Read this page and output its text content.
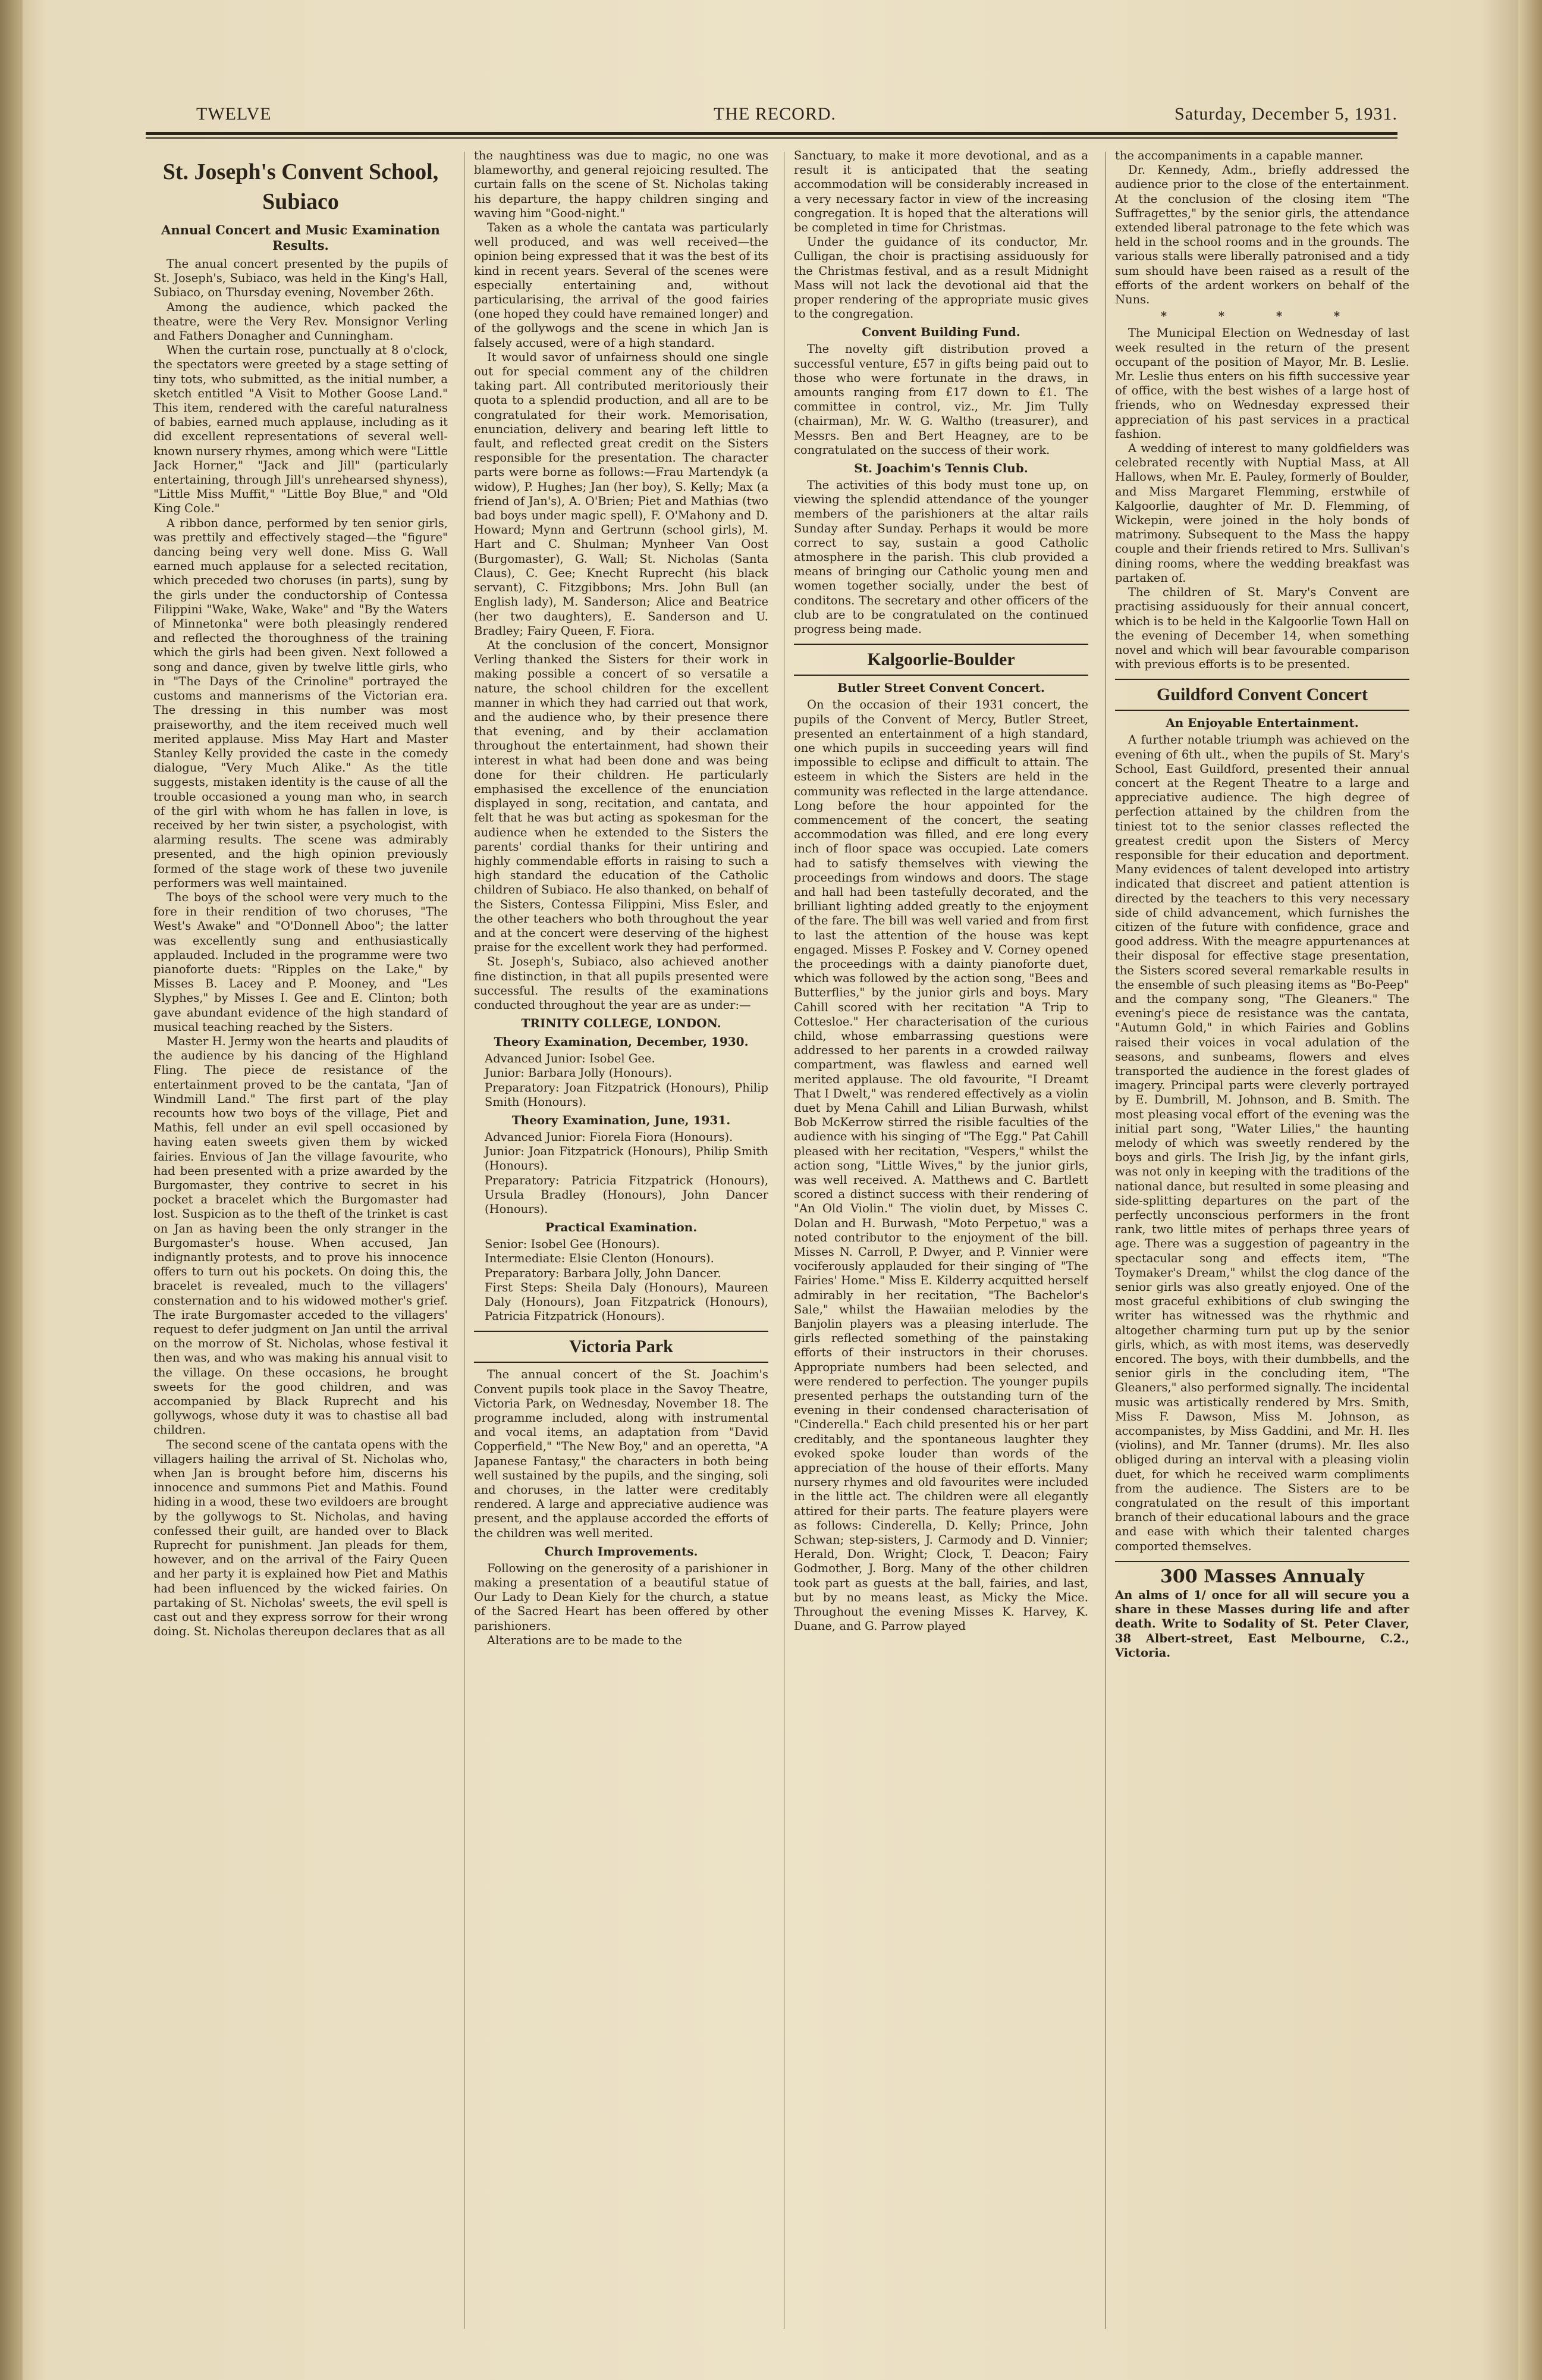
TWELVE	THE RECORD.	Saturday, December 5, 1931.
St. Joseph's Convent School, Subiaco
Annual Concert and Music Examination Results.

The anual concert presented by the pupils of St. Joseph's, Subiaco, was held in the King's Hall, Subiaco, on Thursday evening, November 26th.

Among the audience, which packed the theatre, were the Very Rev. Monsignor Verling and Fathers Donagher and Cunningham.

When the curtain rose, punctually at 8 o'clock, the spectators were greeted by a stage setting of tiny tots, who submitted, as the initial number, a sketch entitled "A Visit to Mother Goose Land." This item, rendered with the careful naturalness of babies, earned much applause, including as it did excellent representations of several well-known nursery rhymes, among which were "Little Jack Horner," "Jack and Jill" (particularly entertaining, through Jill's unrehearsed shyness), "Little Miss Muffit," "Little Boy Blue," and "Old King Cole."

A ribbon dance, performed by ten senior girls, was prettily and effectively staged—the "figure" dancing being very well done. Miss G. Wall earned much applause for a selected recitation, which preceded two choruses (in parts), sung by the girls under the conductorship of Contessa Filippini "Wake, Wake, Wake" and "By the Waters of Minnetonka" were both pleasingly rendered and reflected the thoroughness of the training which the girls had been given. Next followed a song and dance, given by twelve little girls, who in "The Days of the Crinoline" portrayed the customs and mannerisms of the Victorian era. The dressing in this number was most praiseworthy, and the item received much well merited applause. Miss May Hart and Master Stanley Kelly provided the caste in the comedy dialogue, "Very Much Alike." As the title suggests, mistaken identity is the cause of all the trouble occasioned a young man who, in search of the girl with whom he has fallen in love, is received by her twin sister, a psychologist, with alarming results. The scene was admirably presented, and the high opinion previously formed of the stage work of these two juvenile performers was well maintained.

The boys of the school were very much to the fore in their rendition of two choruses, "The West's Awake" and "O'Donnell Aboo"; the latter was excellently sung and enthusiastically applauded. Included in the programme were two pianoforte duets: "Ripples on the Lake," by Misses B. Lacey and P. Mooney, and "Les Slyphes," by Misses I. Gee and E. Clinton; both gave abundant evidence of the high standard of musical teaching reached by the Sisters.

Master H. Jermy won the hearts and plaudits of the audience by his dancing of the Highland Fling. The piece de resistance of the entertainment proved to be the cantata, "Jan of Windmill Land." The first part of the play recounts how two boys of the village, Piet and Mathis, fell under an evil spell occasioned by having eaten sweets given them by wicked fairies. Envious of Jan the village favourite, who had been presented with a prize awarded by the Burgomaster, they contrive to secret in his pocket a bracelet which the Burgomaster had lost. Suspicion as to the theft of the trinket is cast on Jan as having been the only stranger in the Burgomaster's house. When accused, Jan indignantly protests, and to prove his innocence offers to turn out his pockets. On doing this, the bracelet is revealed, much to the villagers' consternation and to his widowed mother's grief. The irate Burgomaster acceded to the villagers' request to defer judgment on Jan until the arrival on the morrow of St. Nicholas, whose festival it then was, and who was making his annual visit to the village. On these occasions, he brought sweets for the good children, and was accompanied by Black Ruprecht and his gollywogs, whose duty it was to chastise all bad children.

The second scene of the cantata opens with the villagers hailing the arrival of St. Nicholas who, when Jan is brought before him, discerns his innocence and summons Piet and Mathis. Found hiding in a wood, these two evildoers are brought by the gollywogs to St. Nicholas, and having confessed their guilt, are handed over to Black Ruprecht for punishment. Jan pleads for them, however, and on the arrival of the Fairy Queen and her party it is explained how Piet and Mathis had been influenced by the wicked fairies. On partaking of St. Nicholas' sweets, the evil spell is cast out and they express sorrow for their wrong doing. St. Nicholas thereupon declares that as all

the naughtiness was due to magic, no one was blameworthy, and general rejoicing resulted. The curtain falls on the scene of St. Nicholas taking his departure, the happy children singing and waving him "Good-night."

Taken as a whole the cantata was particularly well produced, and was well received—the opinion being expressed that it was the best of its kind in recent years. Several of the scenes were especially entertaining and, without particularising, the arrival of the good fairies (one hoped they could have remained longer) and of the gollywogs and the scene in which Jan is falsely accused, were of a high standard.

It would savor of unfairness should one single out for special comment any of the children taking part. All contributed meritoriously their quota to a splendid production, and all are to be congratulated for their work. Memorisation, enunciation, delivery and bearing left little to fault, and reflected great credit on the Sisters responsible for the presentation. The character parts were borne as follows:—Frau Martendyk (a widow), P. Hughes; Jan (her boy), S. Kelly; Max (a friend of Jan's), A. O'Brien; Piet and Mathias (two bad boys under magic spell), F. O'Mahony and D. Howard; Mynn and Gertrunn (school girls), M. Hart and C. Shulman; Mynheer Van Oost (Burgomaster), G. Wall; St. Nicholas (Santa Claus), C. Gee; Knecht Ruprecht (his black servant), C. Fitzgibbons; Mrs. John Bull (an English lady), M. Sanderson; Alice and Beatrice (her two daughters), E. Sanderson and U. Bradley; Fairy Queen, F. Fiora.

At the conclusion of the concert, Monsignor Verling thanked the Sisters for their work in making possible a concert of so versatile a nature, the school children for the excellent manner in which they had carried out that work, and the audience who, by their presence there that evening, and by their acclamation throughout the entertainment, had shown their interest in what had been done and was being done for their children. He particularly emphasised the excellence of the enunciation displayed in song, recitation, and cantata, and felt that he was but acting as spokesman for the audience when he extended to the Sisters the parents' cordial thanks for their untiring and highly commendable efforts in raising to such a high standard the education of the Catholic children of Subiaco. He also thanked, on behalf of the Sisters, Contessa Filippini, Miss Esler, and the other teachers who both throughout the year and at the concert were deserving of the highest praise for the excellent work they had performed.

St. Joseph's, Subiaco, also achieved another fine distinction, in that all pupils presented were successful. The results of the examinations conducted throughout the year are as under:—

TRINITY COLLEGE, LONDON.
Theory Examination, December, 1930.

Advanced Junior: Isobel Gee.

Junior: Barbara Jolly (Honours).

Preparatory: Joan Fitzpatrick (Honours), Philip Smith (Honours).

Theory Examination, June, 1931.

Advanced Junior: Fiorela Fiora (Honours).

Junior: Joan Fitzpatrick (Honours), Philip Smith (Honours).

Preparatory: Patricia Fitzpatrick (Honours), Ursula Bradley (Honours), John Dancer (Honours).

Practical Examination.

Senior: Isobel Gee (Honours).

Intermediate: Elsie Clenton (Honours).

Preparatory: Barbara Jolly, John Dancer.

First Steps: Sheila Daly (Honours), Maureen Daly (Honours), Joan Fitzpatrick (Honours), Patricia Fitzpatrick (Honours).

Victoria Park

The annual concert of the St. Joachim's Convent pupils took place in the Savoy Theatre, Victoria Park, on Wednesday, November 18. The programme included, along with instrumental and vocal items, an adaptation from "David Copperfield," "The New Boy," and an operetta, "A Japanese Fantasy," the characters in both being well sustained by the pupils, and the singing, soli and choruses, in the latter were creditably rendered. A large and appreciative audience was present, and the applause accorded the efforts of the children was well merited.

Church Improvements.

Following on the generosity of a parishioner in making a presentation of a beautiful statue of Our Lady to Dean Kiely for the church, a statue of the Sacred Heart has been offered by other parishioners.

Alterations are to be made to the

Sanctuary, to make it more devotional, and as a result it is anticipated that the seating accommodation will be considerably increased in a very necessary factor in view of the increasing congregation. It is hoped that the alterations will be completed in time for Christmas.

Under the guidance of its conductor, Mr. Culligan, the choir is practising assiduously for the Christmas festival, and as a result Midnight Mass will not lack the devotional aid that the proper rendering of the appropriate music gives to the congregation.

Convent Building Fund.

The novelty gift distribution proved a successful venture, £57 in gifts being paid out to those who were fortunate in the draws, in amounts ranging from £17 down to £1. The committee in control, viz., Mr. Jim Tully (chairman), Mr. W. G. Waltho (treasurer), and Messrs. Ben and Bert Heagney, are to be congratulated on the success of their work.

St. Joachim's Tennis Club.

The activities of this body must tone up, on viewing the splendid attendance of the younger members of the parishioners at the altar rails Sunday after Sunday. Perhaps it would be more correct to say, sustain a good Catholic atmosphere in the parish. This club provided a means of bringing our Catholic young men and women together socially, under the best of conditons. The secretary and other officers of the club are to be congratulated on the continued progress being made.

Kalgoorlie-Boulder
Butler Street Convent Concert.

On the occasion of their 1931 concert, the pupils of the Convent of Mercy, Butler Street, presented an entertainment of a high standard, one which pupils in succeeding years will find impossible to eclipse and difficult to attain. The esteem in which the Sisters are held in the community was reflected in the large attendance. Long before the hour appointed for the commencement of the concert, the seating accommodation was filled, and ere long every inch of floor space was occupied. Late comers had to satisfy themselves with viewing the proceedings from windows and doors. The stage and hall had been tastefully decorated, and the brilliant lighting added greatly to the enjoyment of the fare. The bill was well varied and from first to last the attention of the house was kept engaged. Misses P. Foskey and V. Corney opened the proceedings with a dainty pianoforte duet, which was followed by the action song, "Bees and Butterflies," by the junior girls and boys. Mary Cahill scored with her recitation "A Trip to Cottesloe." Her characterisation of the curious child, whose embarrassing questions were addressed to her parents in a crowded railway compartment, was flawless and earned well merited applause. The old favourite, "I Dreamt That I Dwelt," was rendered effectively as a violin duet by Mena Cahill and Lilian Burwash, whilst Bob McKerrow stirred the risible faculties of the audience with his singing of "The Egg." Pat Cahill pleased with her recitation, "Vespers," whilst the action song, "Little Wives," by the junior girls, was well received. A. Matthews and C. Bartlett scored a distinct success with their rendering of "An Old Violin." The violin duet, by Misses C. Dolan and H. Burwash, "Moto Perpetuo," was a noted contributor to the enjoyment of the bill. Misses N. Carroll, P. Dwyer, and P. Vinnier were vociferously applauded for their singing of "The Fairies' Home." Miss E. Kilderry acquitted herself admirably in her recitation, "The Bachelor's Sale," whilst the Hawaiian melodies by the Banjolin players was a pleasing interlude. The girls reflected something of the painstaking efforts of their instructors in their choruses. Appropriate numbers had been selected, and were rendered to perfection. The younger pupils presented perhaps the outstanding turn of the evening in their condensed characterisation of "Cinderella." Each child presented his or her part creditably, and the spontaneous laughter they evoked spoke louder than words of the appreciation of the house of their efforts. Many nursery rhymes and old favourites were included in the little act. The children were all elegantly attired for their parts. The feature players were as follows: Cinderella, D. Kelly; Prince, John Schwan; step-sisters, J. Carmody and D. Vinnier; Herald, Don. Wright; Clock, T. Deacon; Fairy Godmother, J. Borg. Many of the other children took part as guests at the ball, fairies, and last, but by no means least, as Micky the Mice. Throughout the evening Misses K. Harvey, K. Duane, and G. Parrow played

the accompaniments in a capable manner.

Dr. Kennedy, Adm., briefly addressed the audience prior to the close of the entertainment. At the conclusion of the closing item "The Suffragettes," by the senior girls, the attendance extended liberal patronage to the fete which was held in the school rooms and in the grounds. The various stalls were liberally patronised and a tidy sum should have been raised as a result of the efforts of the ardent workers on behalf of the Nuns.

* * * *

The Municipal Election on Wednesday of last week resulted in the return of the present occupant of the position of Mayor, Mr. B. Leslie. Mr. Leslie thus enters on his fifth successive year of office, with the best wishes of a large host of friends, who on Wednesday expressed their appreciation of his past services in a practical fashion.

A wedding of interest to many goldfielders was celebrated recently with Nuptial Mass, at All Hallows, when Mr. E. Pauley, formerly of Boulder, and Miss Margaret Flemming, erstwhile of Kalgoorlie, daughter of Mr. D. Flemming, of Wickepin, were joined in the holy bonds of matrimony. Subsequent to the Mass the happy couple and their friends retired to Mrs. Sullivan's dining rooms, where the wedding breakfast was partaken of.

The children of St. Mary's Convent are practising assiduously for their annual concert, which is to be held in the Kalgoorlie Town Hall on the evening of December 14, when something novel and which will bear favourable comparison with previous efforts is to be presented.

Guildford Convent Concert
An Enjoyable Entertainment.

A further notable triumph was achieved on the evening of 6th ult., when the pupils of St. Mary's School, East Guildford, presented their annual concert at the Regent Theatre to a large and appreciative audience. The high degree of perfection attained by the children from the tiniest tot to the senior classes reflected the greatest credit upon the Sisters of Mercy responsible for their education and deportment. Many evidences of talent developed into artistry indicated that discreet and patient attention is directed by the teachers to this very necessary side of child advancement, which furnishes the citizen of the future with confidence, grace and good address. With the meagre appurtenances at their disposal for effective stage presentation, the Sisters scored several remarkable results in the ensemble of such pleasing items as "Bo-Peep" and the company song, "The Gleaners." The evening's piece de resistance was the cantata, "Autumn Gold," in which Fairies and Goblins raised their voices in vocal adulation of the seasons, and sunbeams, flowers and elves transported the audience in the forest glades of imagery. Principal parts were cleverly portrayed by E. Dumbrill, M. Johnson, and B. Smith. The most pleasing vocal effort of the evening was the initial part song, "Water Lilies," the haunting melody of which was sweetly rendered by the boys and girls. The Irish Jig, by the infant girls, was not only in keeping with the traditions of the national dance, but resulted in some pleasing and side-splitting departures on the part of the perfectly unconscious performers in the front rank, two little mites of perhaps three years of age. There was a suggestion of pageantry in the spectacular song and effects item, "The Toymaker's Dream," whilst the clog dance of the senior girls was also greatly enjoyed. One of the most graceful exhibitions of club swinging the writer has witnessed was the rhythmic and altogether charming turn put up by the senior girls, which, as with most items, was deservedly encored. The boys, with their dumbbells, and the senior girls in the concluding item, "The Gleaners," also performed signally. The incidental music was artistically rendered by Mrs. Smith, Miss F. Dawson, Miss M. Johnson, as accompanistes, by Miss Gaddini, and Mr. H. Iles (violins), and Mr. Tanner (drums). Mr. Iles also obliged during an interval with a pleasing violin duet, for which he received warm compliments from the audience. The Sisters are to be congratulated on the result of this important branch of their educational labours and the grace and ease with which their talented charges comported themselves.

300 Masses Annualy

An alms of 1/ once for all will secure you a share in these Masses during life and after death. Write to Sodality of St. Peter Claver, 38 Albert-street, East Melbourne, C.2., Victoria.
